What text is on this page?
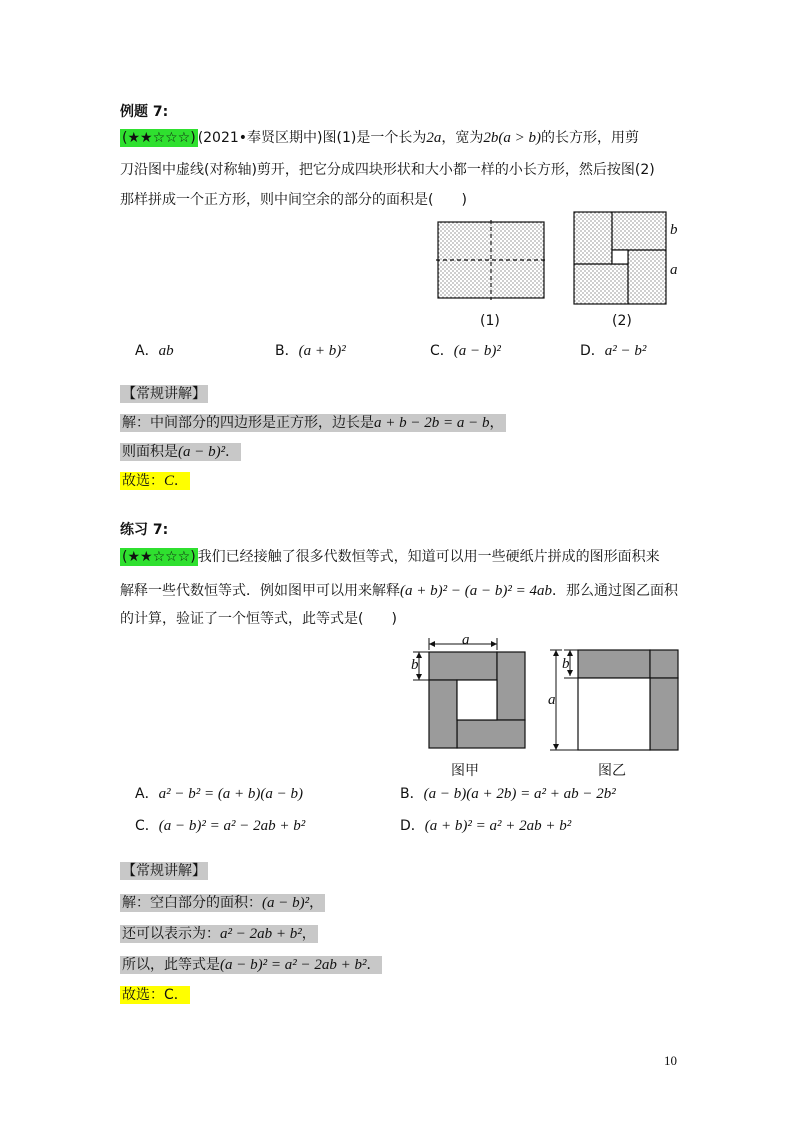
例题 7:
(★★☆☆☆) (2021•奉贤区期中)图(1)是一个长为2a，宽为2b(a > b)的长方形，用剪
刀沿图中虚线(对称轴)剪开，把它分成四块形状和大小都一样的小长方形，然后按图(2)
那样拼成一个正方形，则中间空余的部分的面积是(　　)
(1)
b
a
(2)
A．ab	B．(a + b)²	C．(a − b)²	D．a² − b²
【常规讲解】
解：中间部分的四边形是正方形，边长是a + b − 2b = a − b，
则面积是(a − b)²．
故选：C．
练习 7:
(★★☆☆☆) 我们已经接触了很多代数恒等式，知道可以用一些硬纸片拼成的图形面积来
解释一些代数恒等式．例如图甲可以用来解释(a + b)² − (a − b)² = 4ab．那么通过图乙面积
的计算，验证了一个恒等式，此等式是(　　)
a
b
图甲
b
a
图乙
A．a² − b² = (a + b)(a − b)	B．(a − b)(a + 2b) = a² + ab − 2b²
C．(a − b)² = a² − 2ab + b²	D．(a + b)² = a² + 2ab + b²
【常规讲解】
解：空白部分的面积：(a − b)²，
还可以表示为：a² − 2ab + b²，
所以，此等式是(a − b)² = a² − 2ab + b²．
故选：C．
10
